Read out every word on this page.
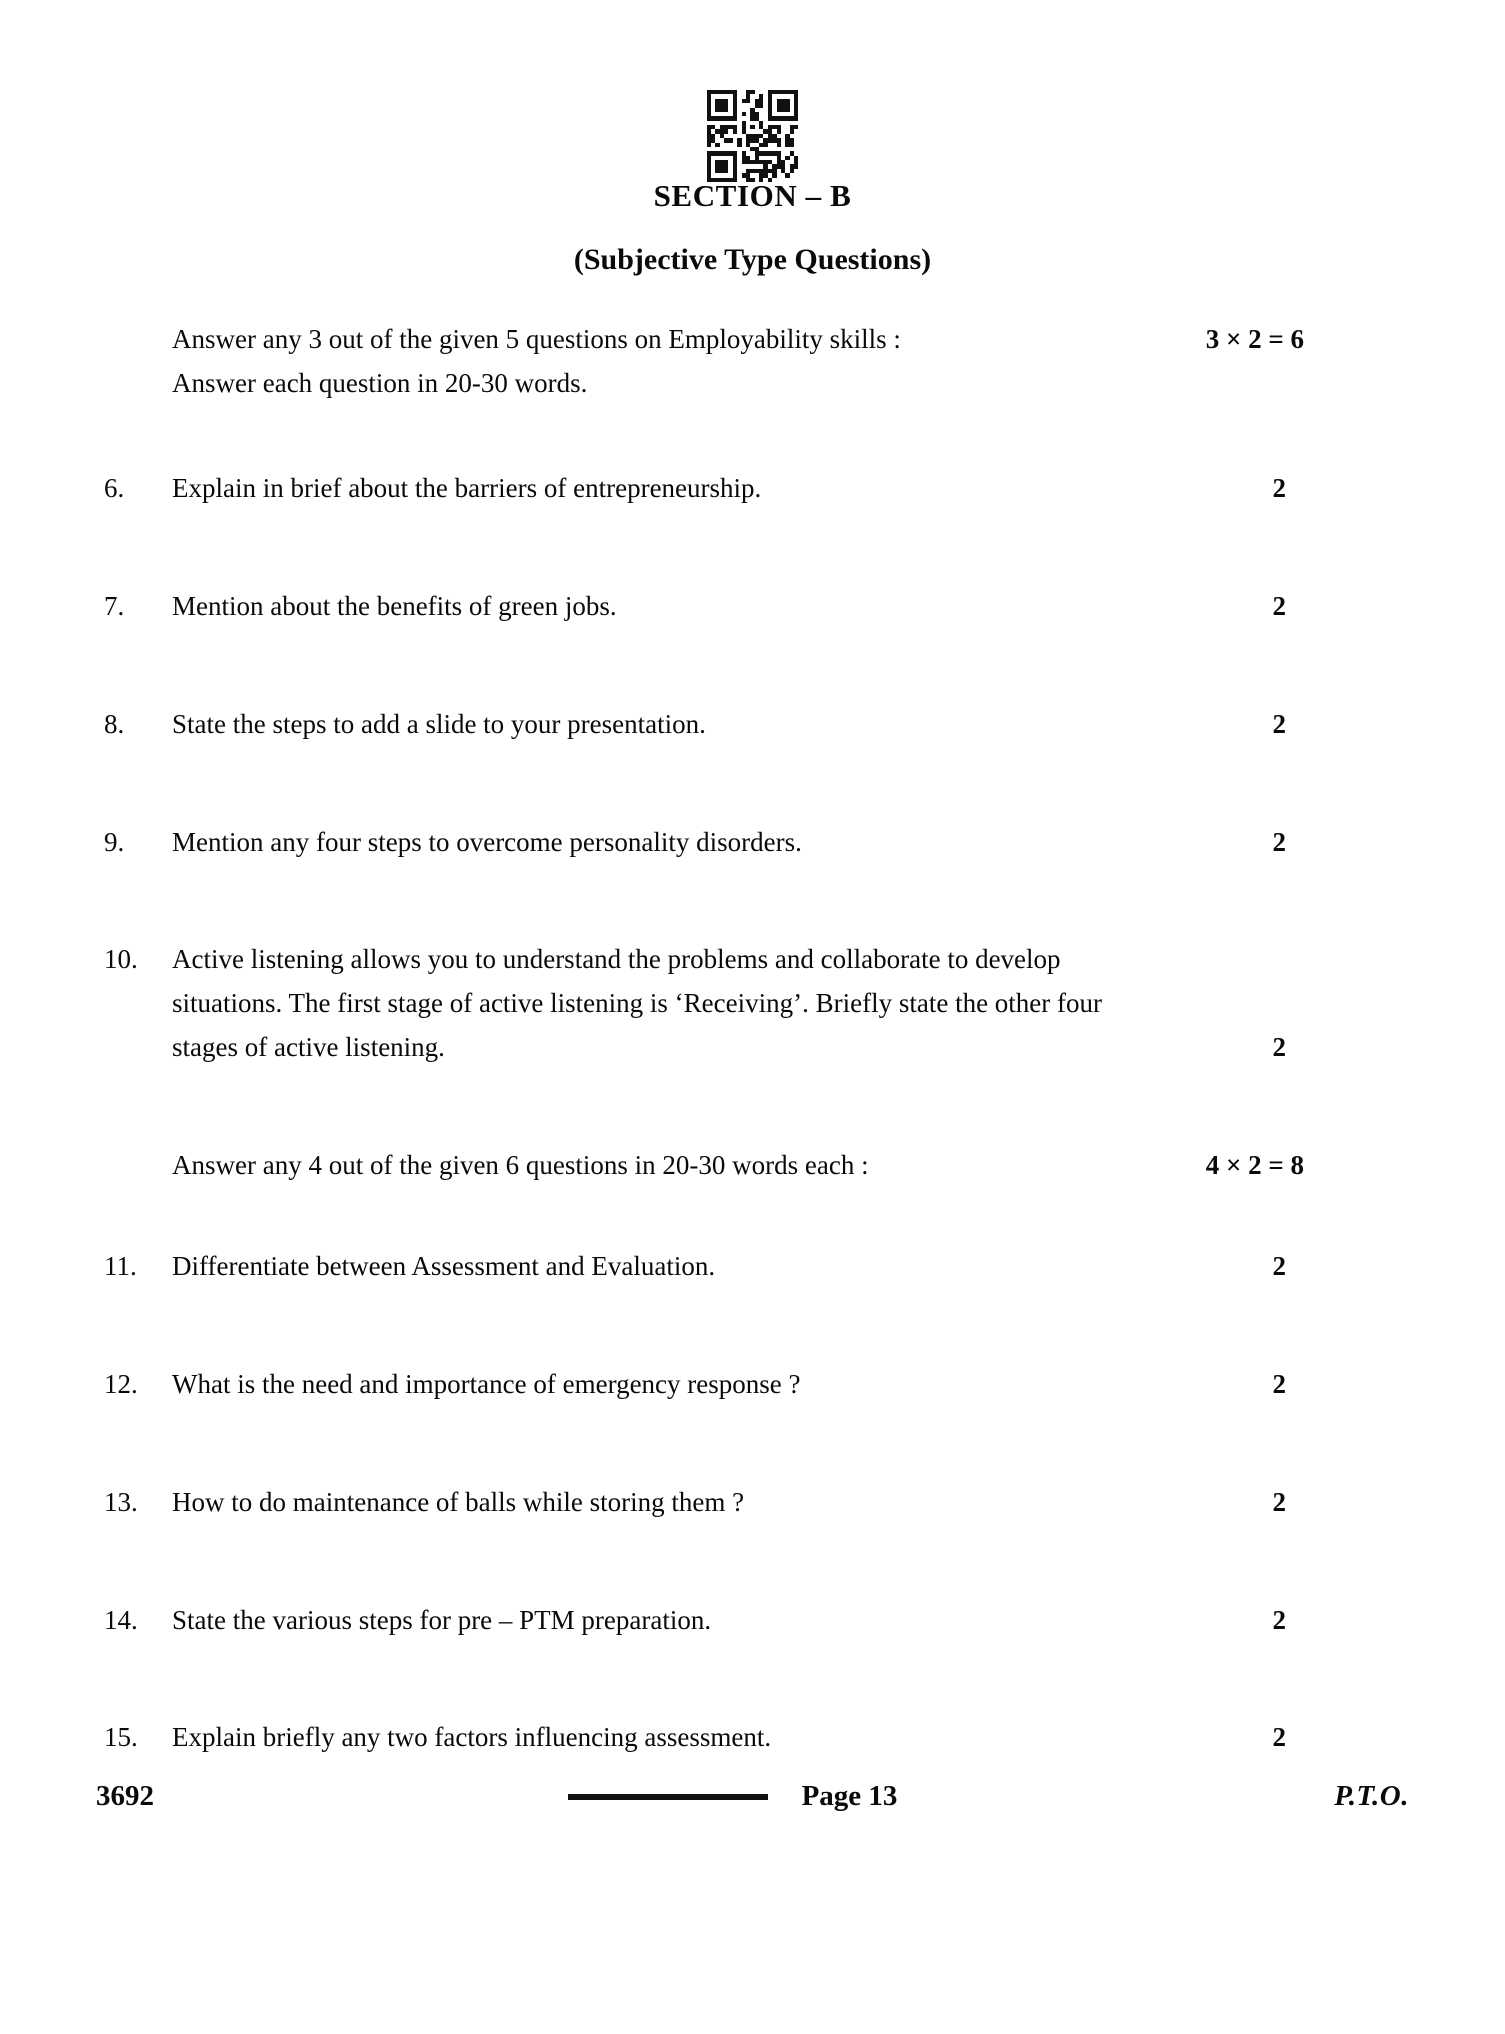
SECTION – B
(Subjective Type Questions)
Answer any 3 out of the given 5 questions on Employability skills :	3 × 2 = 6
Answer each question in 20-30 words.
6.	Explain in brief about the barriers of entrepreneurship.	2
7.	Mention about the benefits of green jobs.	2
8.	State the steps to add a slide to your presentation.	2
9.	Mention any four steps to overcome personality disorders.	2
10.	Active listening allows you to understand the problems and collaborate to develop situations. The first stage of active listening is ‘Receiving’. Briefly state the other four stages of active listening.	2
Answer any 4 out of the given 6 questions in 20-30 words each :	4 × 2 = 8
11.	Differentiate between Assessment and Evaluation.	2
12.	What is the need and importance of emergency response ?	2
13.	How to do maintenance of balls while storing them ?	2
14.	State the various steps for pre – PTM preparation.	2
15.	Explain briefly any two factors influencing assessment.	2
3692	Page 13	P.T.O.
